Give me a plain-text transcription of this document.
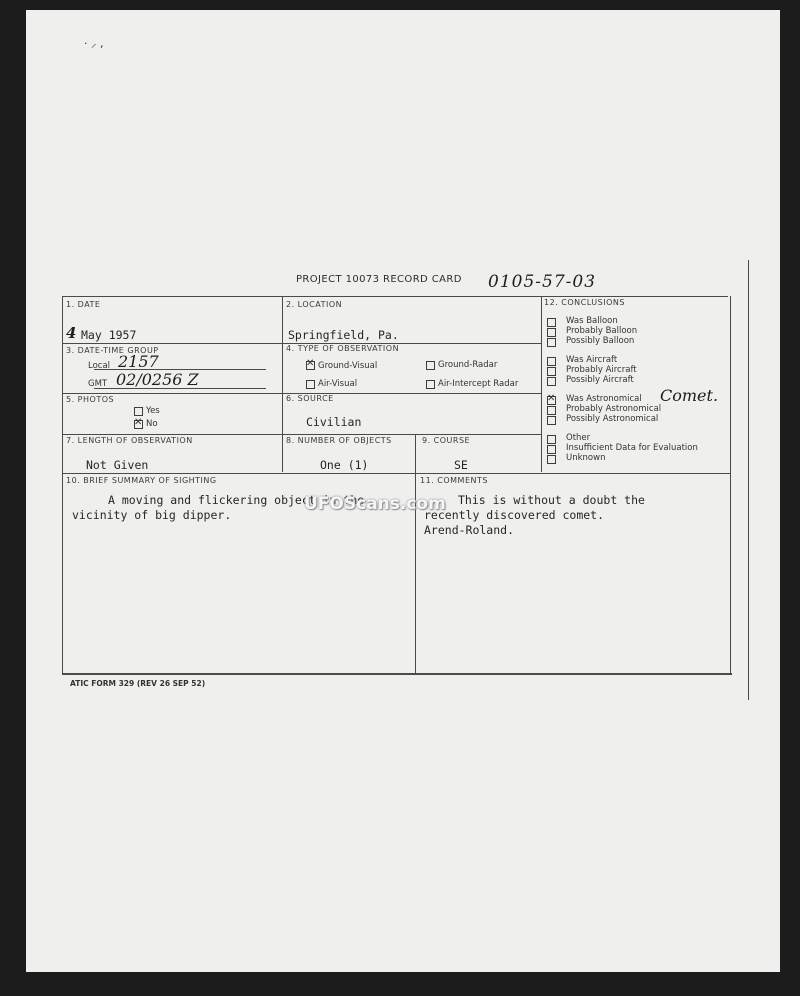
· ⸝ ,
0105-57-03
PROJECT 10073 RECORD CARD
1. DATE
4 May 1957
2. LOCATION
Springfield, Pa.
3. DATE-TIME GROUP
Local 2157
GMT 02/0256 Z
4. TYPE OF OBSERVATION
✕ Ground-Visual	Ground-Radar
Air-Visual	Air-Intercept Radar
5. PHOTOS
Yes
✕ No
6. SOURCE
Civilian
7. LENGTH OF OBSERVATION
Not Given
8. NUMBER OF OBJECTS
One (1)
9. COURSE
SE
10. BRIEF SUMMARY OF SIGHTING
A moving and flickering object in the
vicinity of big dipper.
11. COMMENTS
This is without a doubt the
recently discovered comet.
Arend-Roland.
UFOScans.com
12. CONCLUSIONS
Comet.
Was Balloon
Probably Balloon
Possibly Balloon
Was Aircraft
Probably Aircraft
Possibly Aircraft
✕ Was Astronomical
Probably Astronomical
Possibly Astronomical
Other
Insufficient Data for Evaluation
Unknown
ATIC FORM 329 (REV 26 SEP 52)
